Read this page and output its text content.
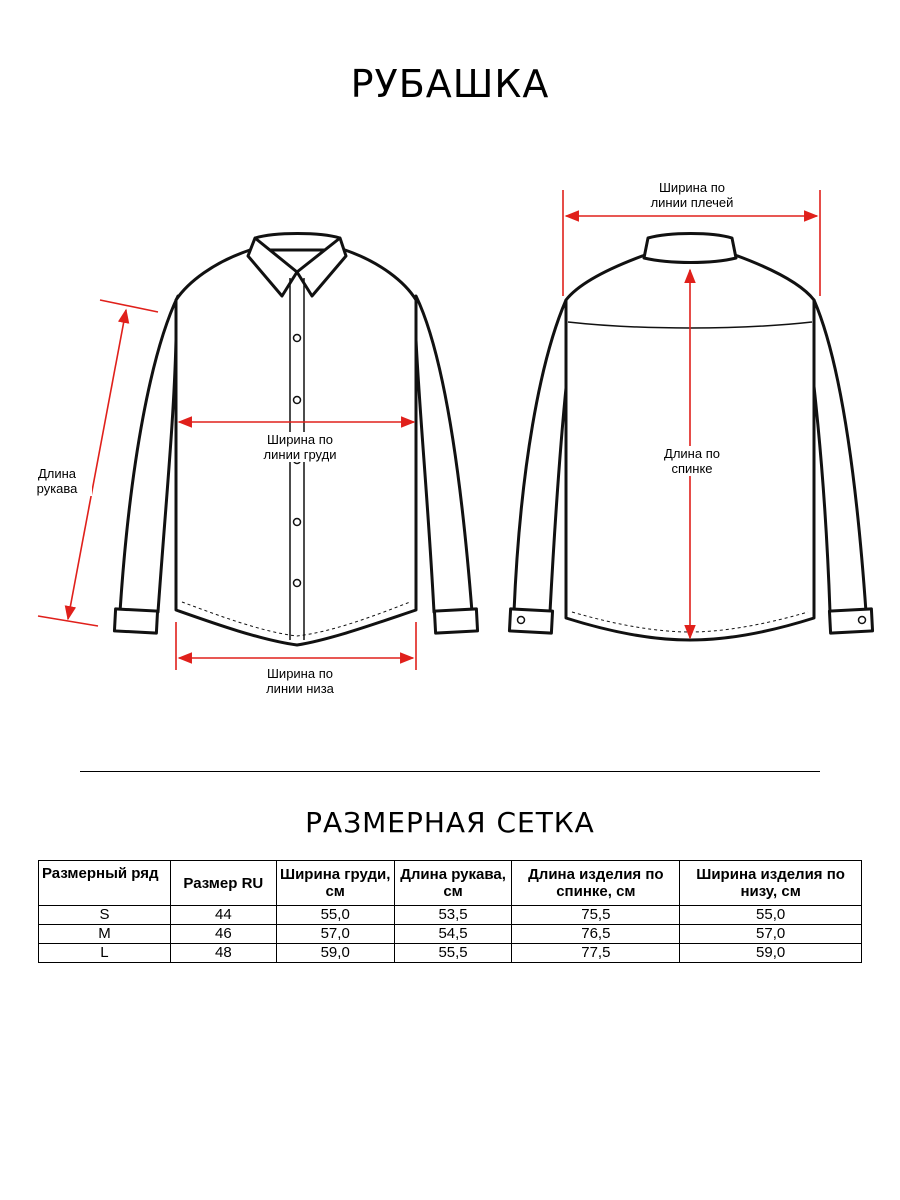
РУБАШКА
Ширина по
линии плечей
Ширина по
линии груди
Длина
рукава
Ширина по
линии низа
Длина по
спинке
РАЗМЕРНАЯ СЕТКА
Размерный ряд	Размер RU	Ширина груди, см	Длина рукава, см	Длина изделия по спинке, см	Ширина изделия по низу, см
S	44	55,0	53,5	75,5	55,0
M	46	57,0	54,5	76,5	57,0
L	48	59,0	55,5	77,5	59,0
